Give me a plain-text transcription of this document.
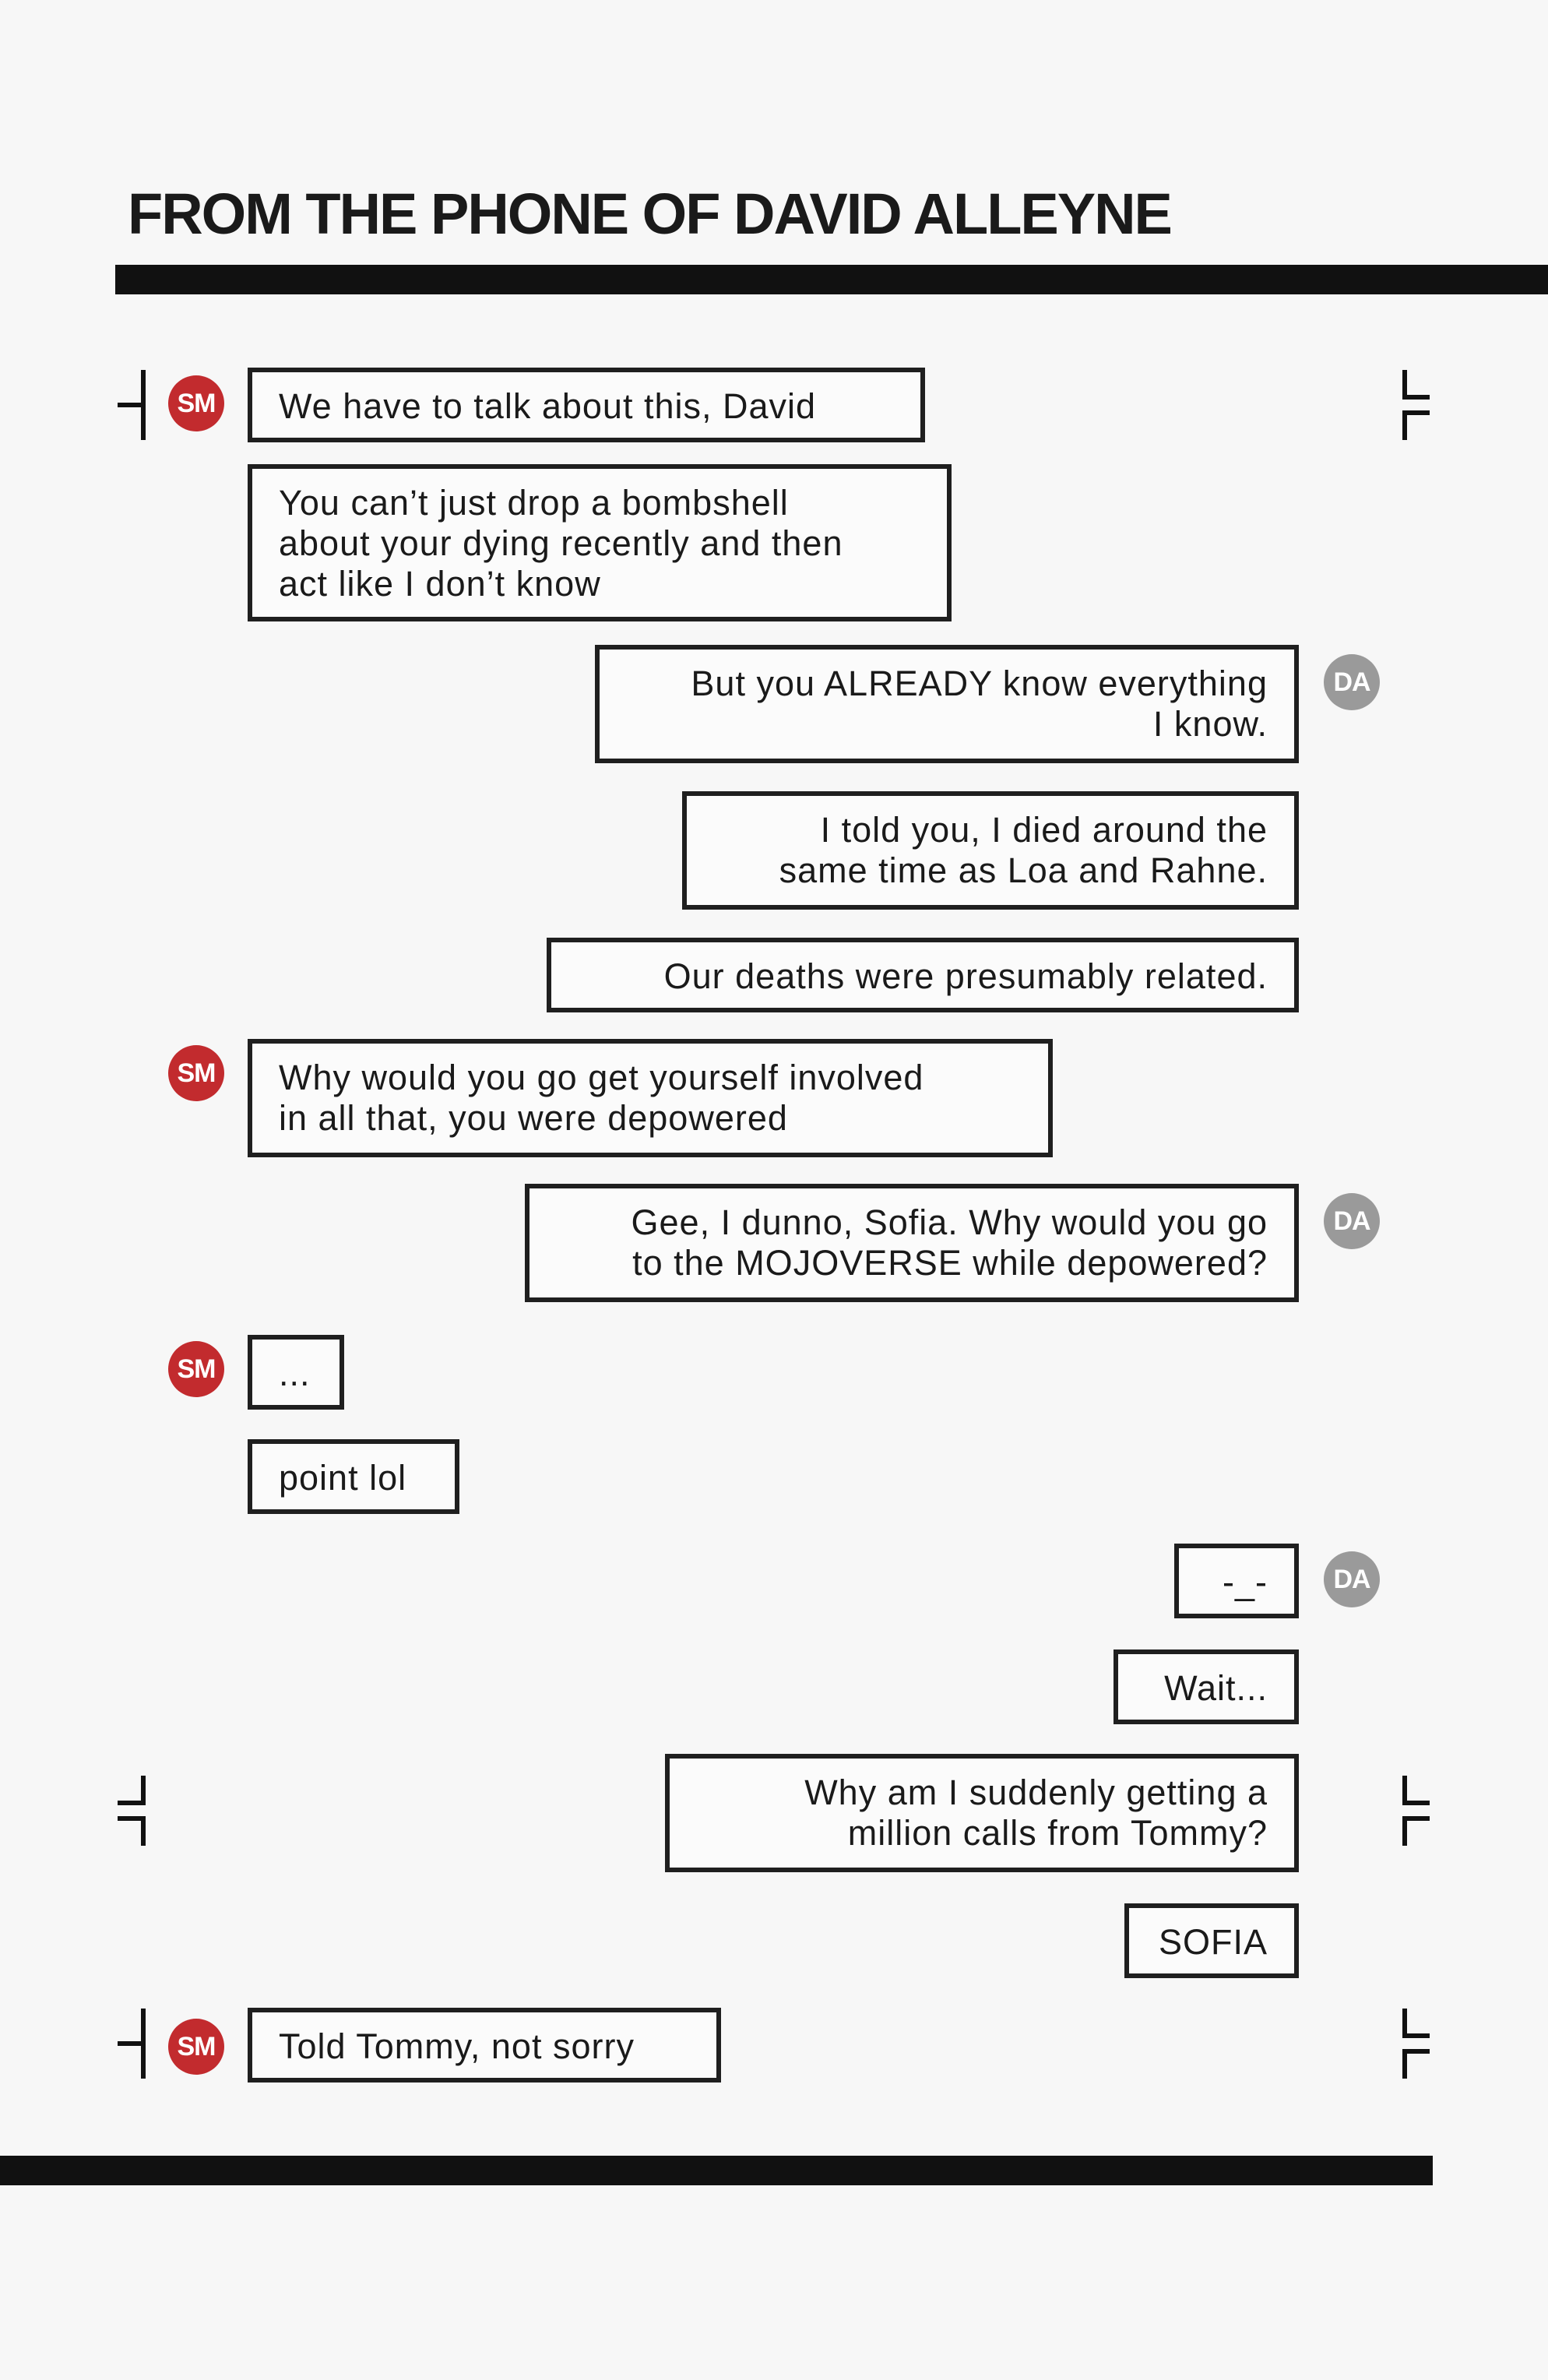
FROM THE PHONE OF DAVID ALLEYNE
SM
DA
SM
DA
SM
DA
SM
We have to talk about this, David
You can’t just drop a bombshell
about your dying recently and then
act like I don’t know
But you ALREADY know everything
I know.
I told you, I died around the
same time as Loa and Rahne.
Our deaths were presumably related.
Why would you go get yourself involved
in all that, you were depowered
Gee, I dunno, Sofia. Why would you go
to the MOJOVERSE while depowered?
...
point lol
-_-
Wait...
Why am I suddenly getting a
million calls from Tommy?
SOFIA
Told Tommy, not sorry
